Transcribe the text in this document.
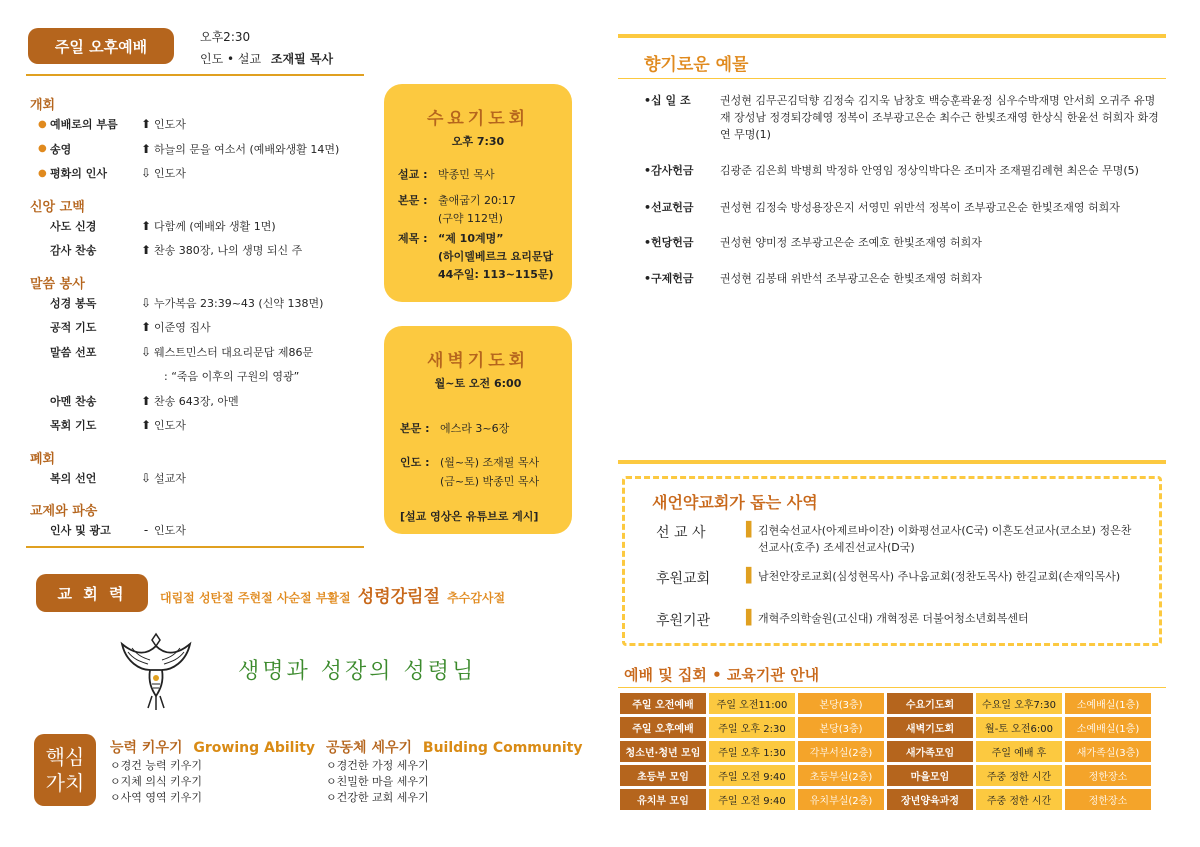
주일 오후예배
오후2:30
인도 • 설교 조재필 목사
개회
● 예배로의 부름	⬆ 인도자
● 송영	⬆ 하늘의 문을 여소서 (예배와생활 14면)
● 평화의 인사	⇩ 인도자
신앙 고백
사도 신경	⬆ 다함께 (예배와 생활 1면)
감사 찬송	⬆ 찬송 380장, 나의 생명 되신 주
말씀 봉사
성경 봉독	⇩ 누가복음 23:39~43 (신약 138면)
공적 기도	⬆ 이준영 집사
말씀 선포	⇩ 웨스트민스터 대요리문답 제86문
: “죽음 이후의 구원의 영광”
아멘 찬송	⬆ 찬송 643장, 아멘
목회 기도	⬆ 인도자
폐회
복의 선언	⇩ 설교자
교제와 파송
인사 및 광고	- 인도자
수요기도회
오후 7:30
설교 : 박종민 목사
본문 : 출애굽기 20:17
(구약 112면)
제목 : “제 10계명”
(하이델베르크 요리문답
44주일: 113~115문)
새벽기도회
월~토 오전 6:00
본문 : 에스라 3~6장
인도 : (월~목) 조재필 목사
(금~토) 박종민 목사
[설교 영상은 유튜브로 게시]
교 회 력	대림절 성탄절 주현절 사순절 부활절 성령강림절 추수감사절
생명과 성장의 성령님
핵심
가치
능력 키우기 Growing Ability
ㅇ경건 능력 키우기
ㅇ지체 의식 키우기
ㅇ사역 영역 키우기
공동체 세우기 Building Community
ㅇ경건한 가정 세우기
ㅇ친밀한 마을 세우기
ㅇ건강한 교회 세우기
향기로운 예물
•십 일 조	권성현 김무곤김덕향 김정숙 김지욱 남창호 백승훈곽윤정 심우수박재명 안서희 오귀주 유명재 장성남 정경퇴강혜영 정복이 조부광고은순 최수근 한빛조재영 한상식 한윤선 허희자 화경연 무명(1)
•감사헌금	김광준 김은희 박병희 박정하 안영임 정상익박다은 조미자 조재필김례현 최은순 무명(5)
•선교헌금	권성현 김정숙 방성용장은지 서영민 위반석 정복이 조부광고은순 한빛조재영 허희자
•헌당헌금	권성현 양미정 조부광고은순 조예호 한빛조재영 허희자
•구제헌금	권성현 김봉태 위반석 조부광고은순 한빛조재영 허희자
새언약교회가 돕는 사역
선 교 사	▌ 김현숙선교사(아제르바이잔) 이화평선교사(C국) 이흔도선교사(코소보) 정은찬선교사(호주) 조세진선교사(D국)
후원교회	▌ 남천안장로교회(심성현목사) 주나움교회(정찬도목사) 한길교회(손재익목사)
후원기관	▌ 개혁주의학술원(고신대) 개혁정론 더불어청소년회복센터
예배 및 집회 • 교육기관 안내
주일 오전예배	주일 오전11:00	본당(3층)	수요기도회	수요일 오후7:30	소예배실(1층)
주일 오후예배	주일 오후 2:30	본당(3층)	새벽기도회	월-토 오전6:00	소예배실(1층)
청소년·청년 모임	주일 오후 1:30	각부서실(2층)	새가족모임	주일 예배 후	새가족실(3층)
초등부 모임	주일 오전 9:40	초등부실(2층)	마을모임	주중 정한 시간	정한장소
유치부 모임	주일 오전 9:40	유치부실(2층)	장년양육과정	주중 정한 시간	정한장소
